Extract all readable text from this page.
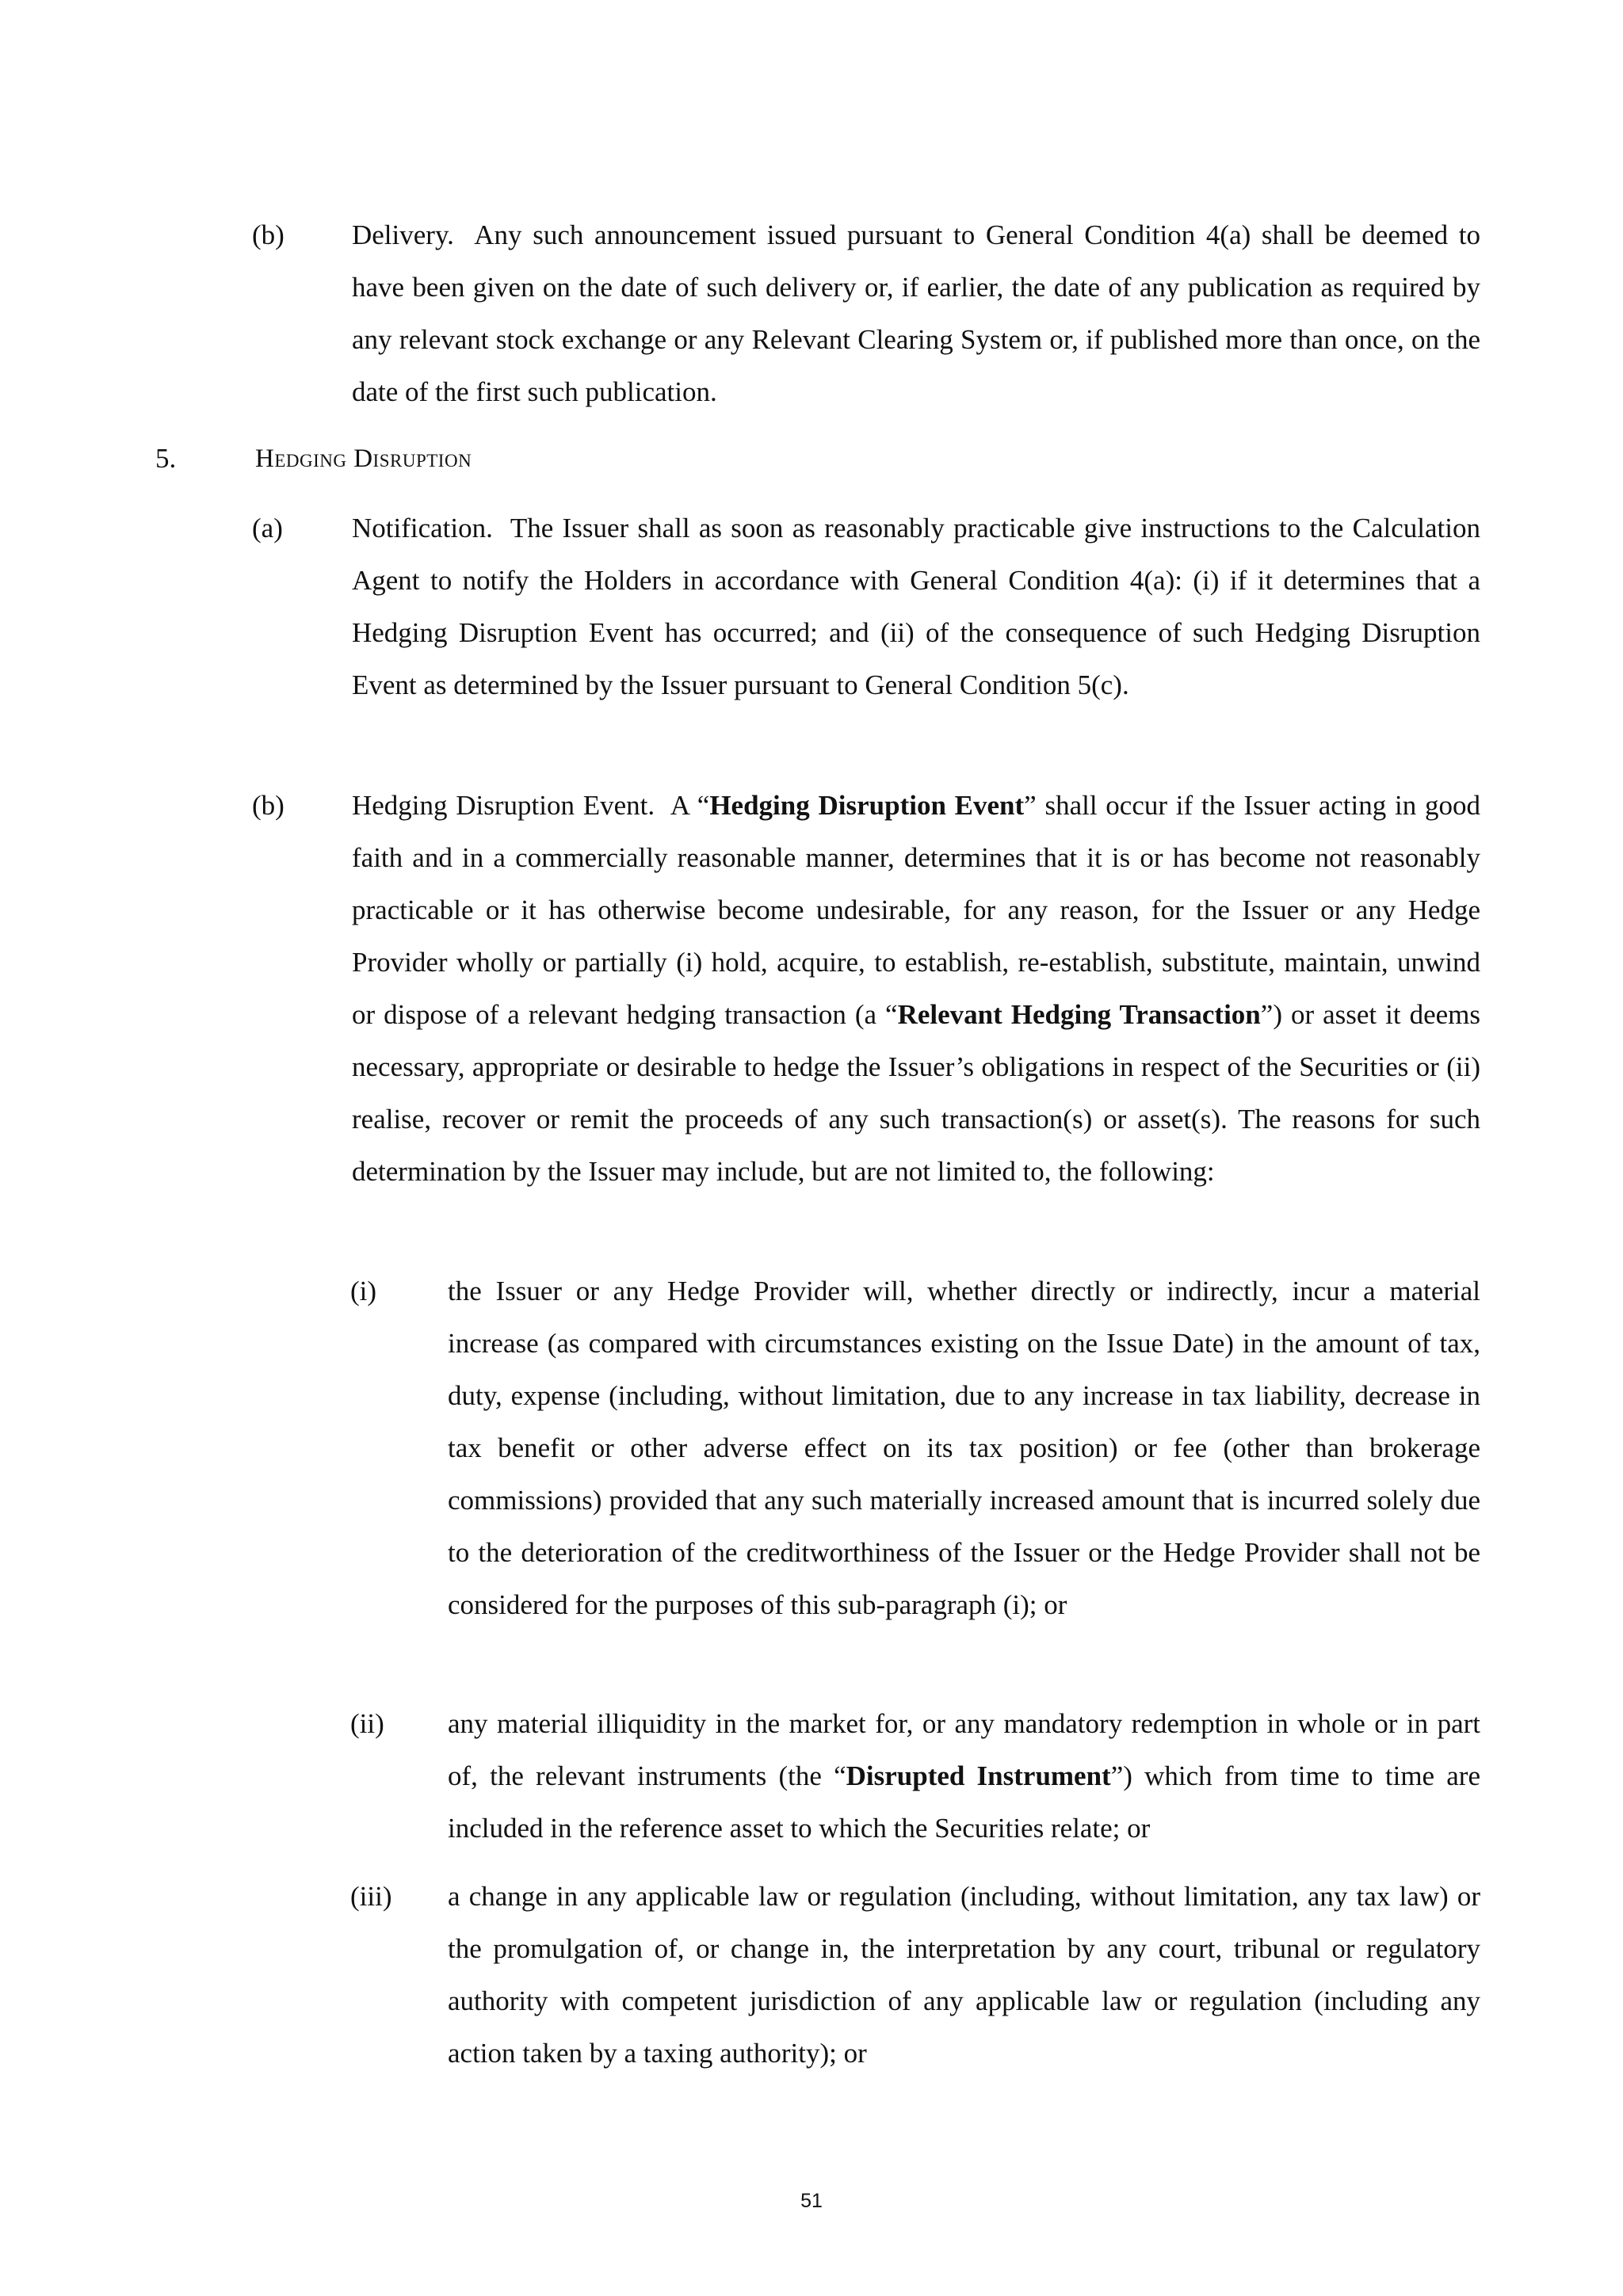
(b) Delivery. Any such announcement issued pursuant to General Condition 4(a) shall be deemed to have been given on the date of such delivery or, if earlier, the date of any publication as required by any relevant stock exchange or any Relevant Clearing System or, if published more than once, on the date of the first such publication.

5.	Hedging Disruption
(a) Notification. The Issuer shall as soon as reasonably practicable give instructions to the Calculation Agent to notify the Holders in accordance with General Condition 4(a): (i) if it determines that a Hedging Disruption Event has occurred; and (ii) of the consequence of such Hedging Disruption Event as determined by the Issuer pursuant to General Condition 5(c).

(b) Hedging Disruption Event. A “Hedging Disruption Event” shall occur if the Issuer acting in good faith and in a commercially reasonable manner, determines that it is or has become not reasonably practicable or it has otherwise become undesirable, for any reason, for the Issuer or any Hedge Provider wholly or partially (i) hold, acquire, to establish, re-establish, substitute, maintain, unwind or dispose of a relevant hedging transaction (a “Relevant Hedging Transaction”) or asset it deems necessary, appropriate or desirable to hedge the Issuer’s obligations in respect of the Securities or (ii) realise, recover or remit the proceeds of any such transaction(s) or asset(s). The reasons for such determination by the Issuer may include, but are not limited to, the following:

(i)	the Issuer or any Hedge Provider will, whether directly or indirectly, incur a material increase (as compared with circumstances existing on the Issue Date) in the amount of tax, duty, expense (including, without limitation, due to any increase in tax liability, decrease in tax benefit or other adverse effect on its tax position) or fee (other than brokerage commissions) provided that any such materially increased amount that is incurred solely due to the deterioration of the creditworthiness of the Issuer or the Hedge Provider shall not be considered for the purposes of this sub-paragraph (i); or

(ii) any material illiquidity in the market for, or any mandatory redemption in whole or in part of, the relevant instruments (the “Disrupted Instrument”) which from time to time are included in the reference asset to which the Securities relate; or

(iii) a change in any applicable law or regulation (including, without limitation, any tax law) or the promulgation of, or change in, the interpretation by any court, tribunal or regulatory authority with competent jurisdiction of any applicable law or regulation (including any action taken by a taxing authority); or

51
